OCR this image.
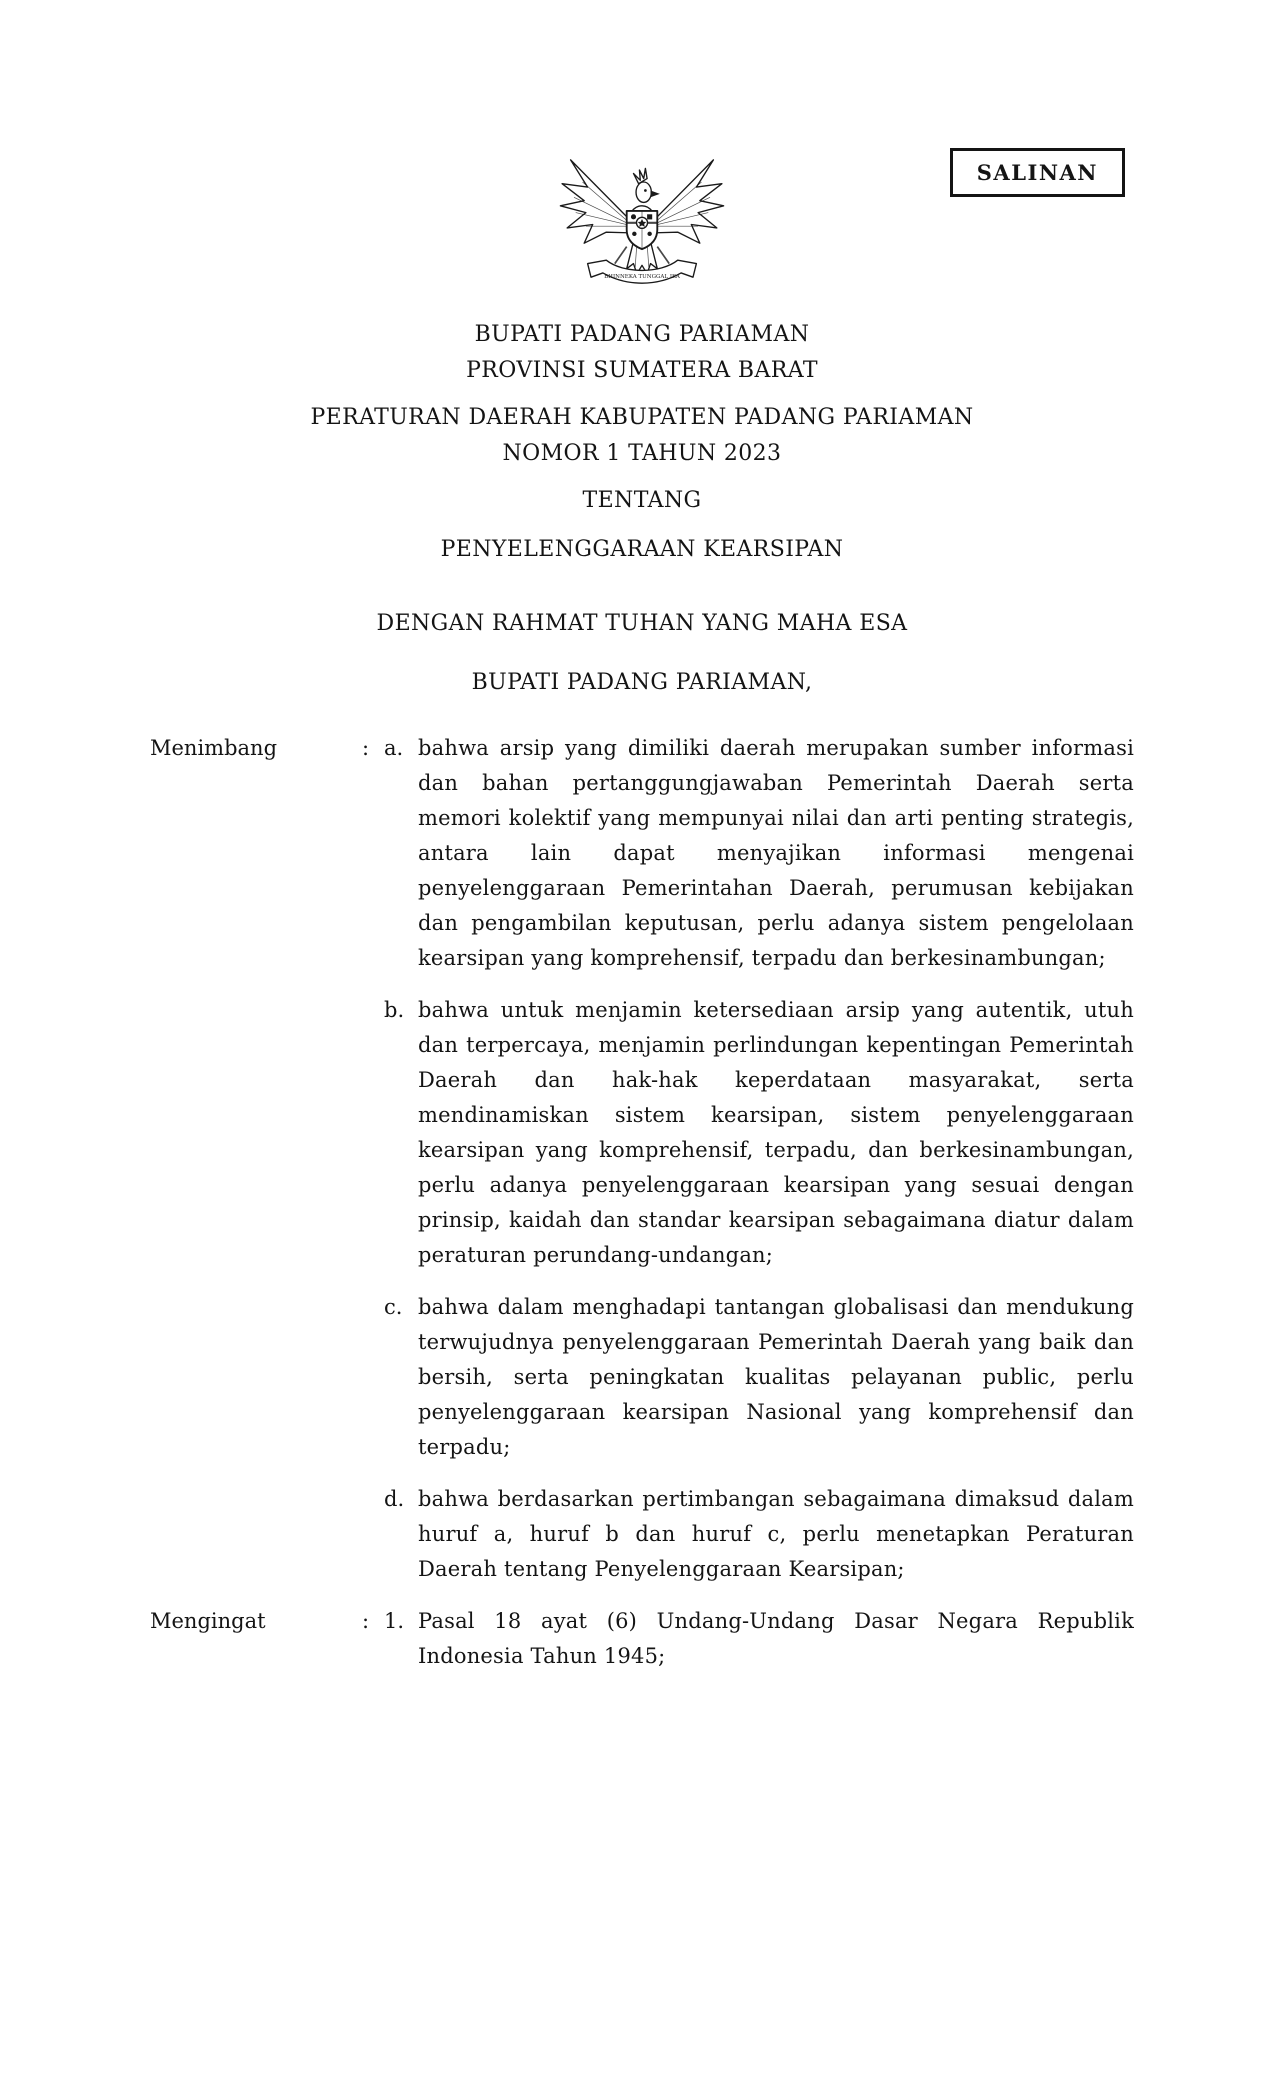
SALINAN
BHINNEKA TUNGGAL IKA
BUPATI PADANG PARIAMAN
PROVINSI SUMATERA BARAT
PERATURAN DAERAH KABUPATEN PADANG PARIAMAN
NOMOR 1 TAHUN 2023
TENTANG
PENYELENGGARAAN KEARSIPAN
DENGAN RAHMAT TUHAN YANG MAHA ESA
BUPATI PADANG PARIAMAN,
Menimbang	: a. bahwa arsip yang dimiliki daerah merupakan sumber informasi dan bahan pertanggungjawaban Pemerintah Daerah serta memori kolektif yang mempunyai nilai dan arti penting strategis, antara lain dapat menyajikan informasi mengenai penyelenggaraan Pemerintahan Daerah, perumusan kebijakan dan pengambilan keputusan, perlu adanya sistem pengelolaan kearsipan yang komprehensif, terpadu dan berkesinambungan;

b. bahwa untuk menjamin ketersediaan arsip yang autentik, utuh dan terpercaya, menjamin perlindungan kepentingan Pemerintah Daerah dan hak-hak keperdataan masyarakat, serta mendinamiskan sistem kearsipan, sistem penyelenggaraan kearsipan yang komprehensif, terpadu, dan berkesinambungan, perlu adanya penyelenggaraan kearsipan yang sesuai dengan prinsip, kaidah dan standar kearsipan sebagaimana diatur dalam peraturan perundang-undangan;

c. bahwa dalam menghadapi tantangan globalisasi dan mendukung terwujudnya penyelenggaraan Pemerintah Daerah yang baik dan bersih, serta peningkatan kualitas pelayanan public, perlu penyelenggaraan kearsipan Nasional yang komprehensif dan terpadu;

d. bahwa berdasarkan pertimbangan sebagaimana dimaksud dalam huruf a, huruf b dan huruf c, perlu menetapkan Peraturan Daerah tentang Penyelenggaraan Kearsipan;

Mengingat	: 1. Pasal 18 ayat (6) Undang-Undang Dasar Negara Republik Indonesia Tahun 1945;
